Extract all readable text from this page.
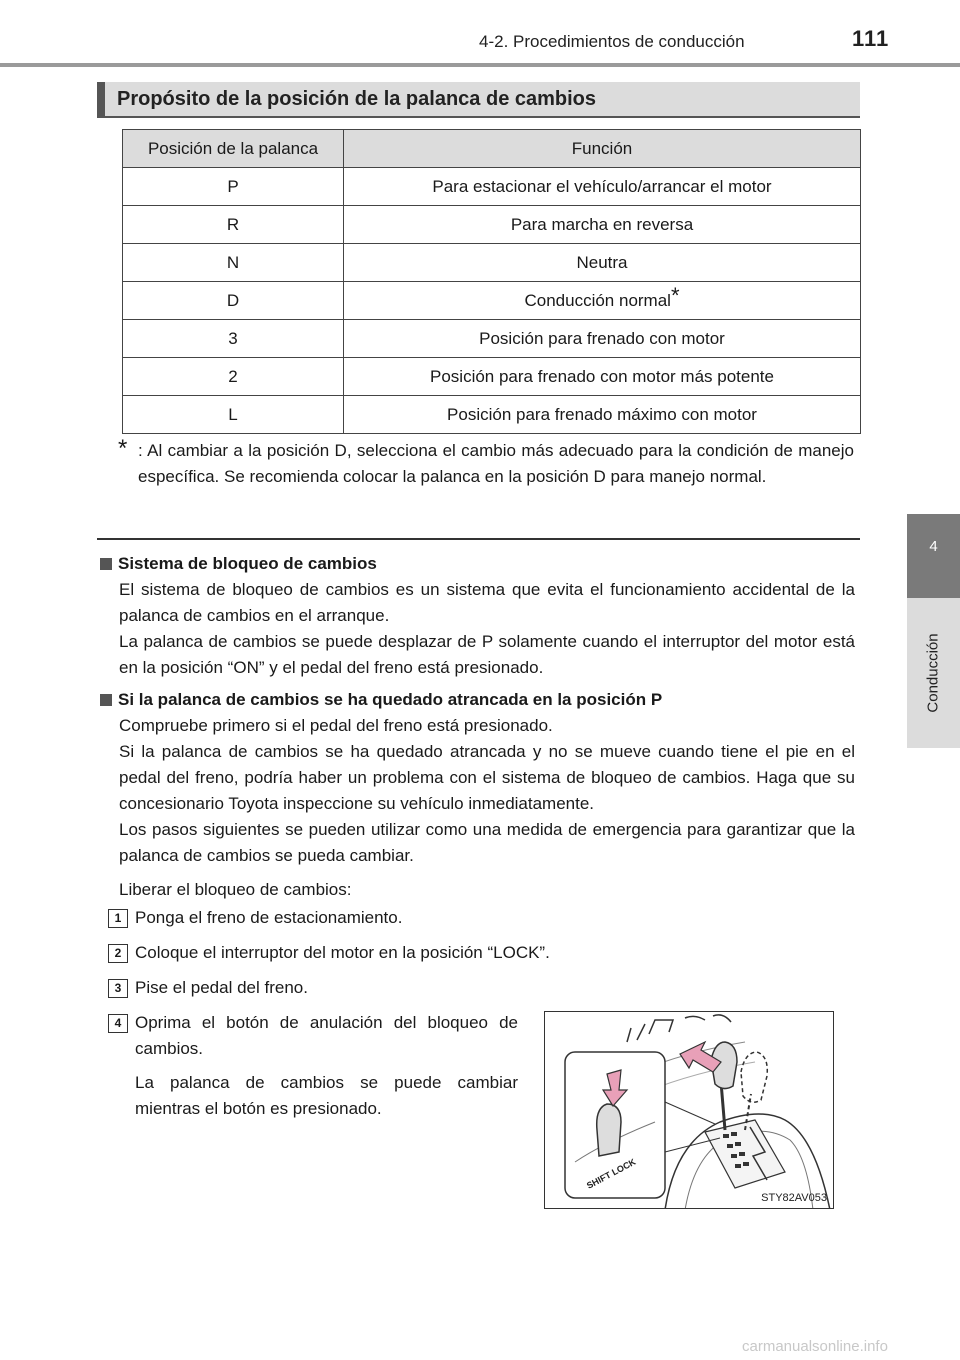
4-2. Procedimientos de conducción	111
4
Conducción
Propósito de la posición de la palanca de cambios
Posición de la palanca	Función
P	Para estacionar el vehículo/arrancar el motor
R	Para marcha en reversa
N	Neutra
D	Conducción normal*
3	Posición para frenado con motor
2	Posición para frenado con motor más potente
L	Posición para frenado máximo con motor
* : Al cambiar a la posición D, selecciona el cambio más adecuado para la condición de manejo específica. Se recomienda colocar la palanca en la posición D para manejo normal.
Sistema de bloqueo de cambios
El sistema de bloqueo de cambios es un sistema que evita el funcionamiento accidental de la palanca de cambios en el arranque.
La palanca de cambios se puede desplazar de P solamente cuando el interruptor del motor está en la posición “ON” y el pedal del freno está presionado.
Si la palanca de cambios se ha quedado atrancada en la posición P
Compruebe primero si el pedal del freno está presionado.
Si la palanca de cambios se ha quedado atrancada y no se mueve cuando tiene el pie en el pedal del freno, podría haber un problema con el sistema de bloqueo de cambios. Haga que su concesionario Toyota inspeccione su vehículo inmediatamente.
Los pasos siguientes se pueden utilizar como una medida de emergencia para garantizar que la palanca de cambios se pueda cambiar.
Liberar el bloqueo de cambios:
1 Ponga el freno de estacionamiento.
2 Coloque el interruptor del motor en la posición “LOCK”.
3 Pise el pedal del freno.
4 Oprima el botón de anulación del bloqueo de cambios.
La palanca de cambios se puede cambiar mientras el botón es presionado.
SHIFT LOCK
STY82AV053
carmanualsonline.info
